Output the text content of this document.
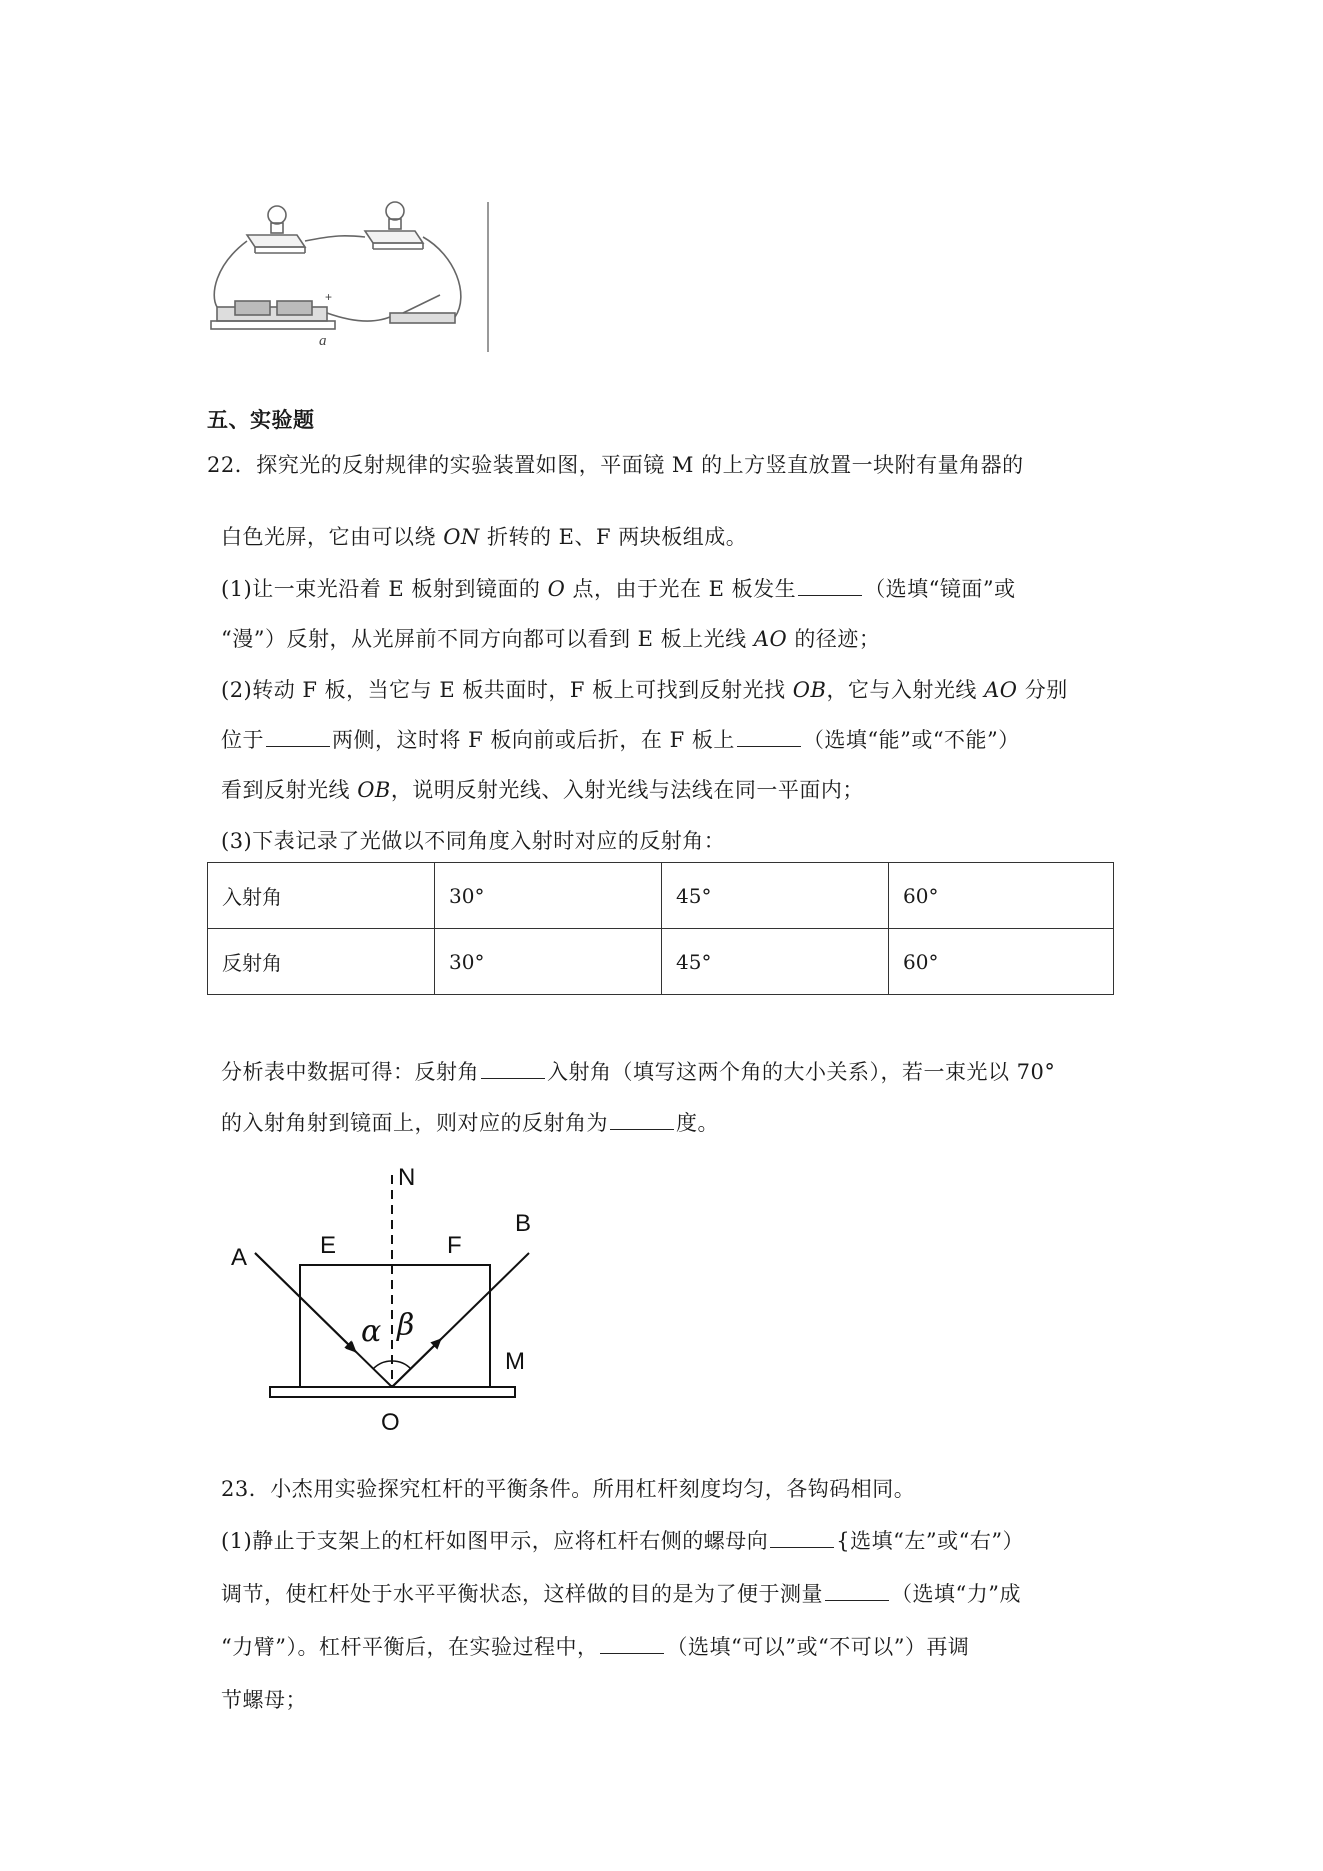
+
a
五、实验题
22．探究光的反射规律的实验装置如图，平面镜 M 的上方竖直放置一块附有量角器的
白色光屏，它由可以绕 ON 折转的 E、F 两块板组成。
(1)让一束光沿着 E 板射到镜面的 O 点，由于光在 E 板发生	（选填“镜面”或
“漫”）反射，从光屏前不同方向都可以看到 E 板上光线 AO 的径迹；
(2)转动 F 板，当它与 E 板共面时，F 板上可找到反射光找 OB，它与入射光线 AO 分别
位于	两侧，这时将 F 板向前或后折，在 F 板上	（选填“能”或“不能”）
看到反射光线 OB，说明反射光线、入射光线与法线在同一平面内；
(3)下表记录了光做以不同角度入射时对应的反射角：
入射角	30°	45°	60°
反射角	30°	45°	60°
分析表中数据可得：反射角	入射角（填写这两个角的大小关系），若一束光以 70°
的入射角射到镜面上，则对应的反射角为	度。
N
A
B
E	F
M
O
α β
23．小杰用实验探究杠杆的平衡条件。所用杠杆刻度均匀，各钩码相同。
(1)静止于支架上的杠杆如图甲示，应将杠杆右侧的螺母向	{选填“左”或“右”）
调节，使杠杆处于水平平衡状态，这样做的目的是为了便于测量	（选填“力”成
“力臂”）。杠杆平衡后，在实验过程中，	（选填“可以”或“不可以”）再调
节螺母；
